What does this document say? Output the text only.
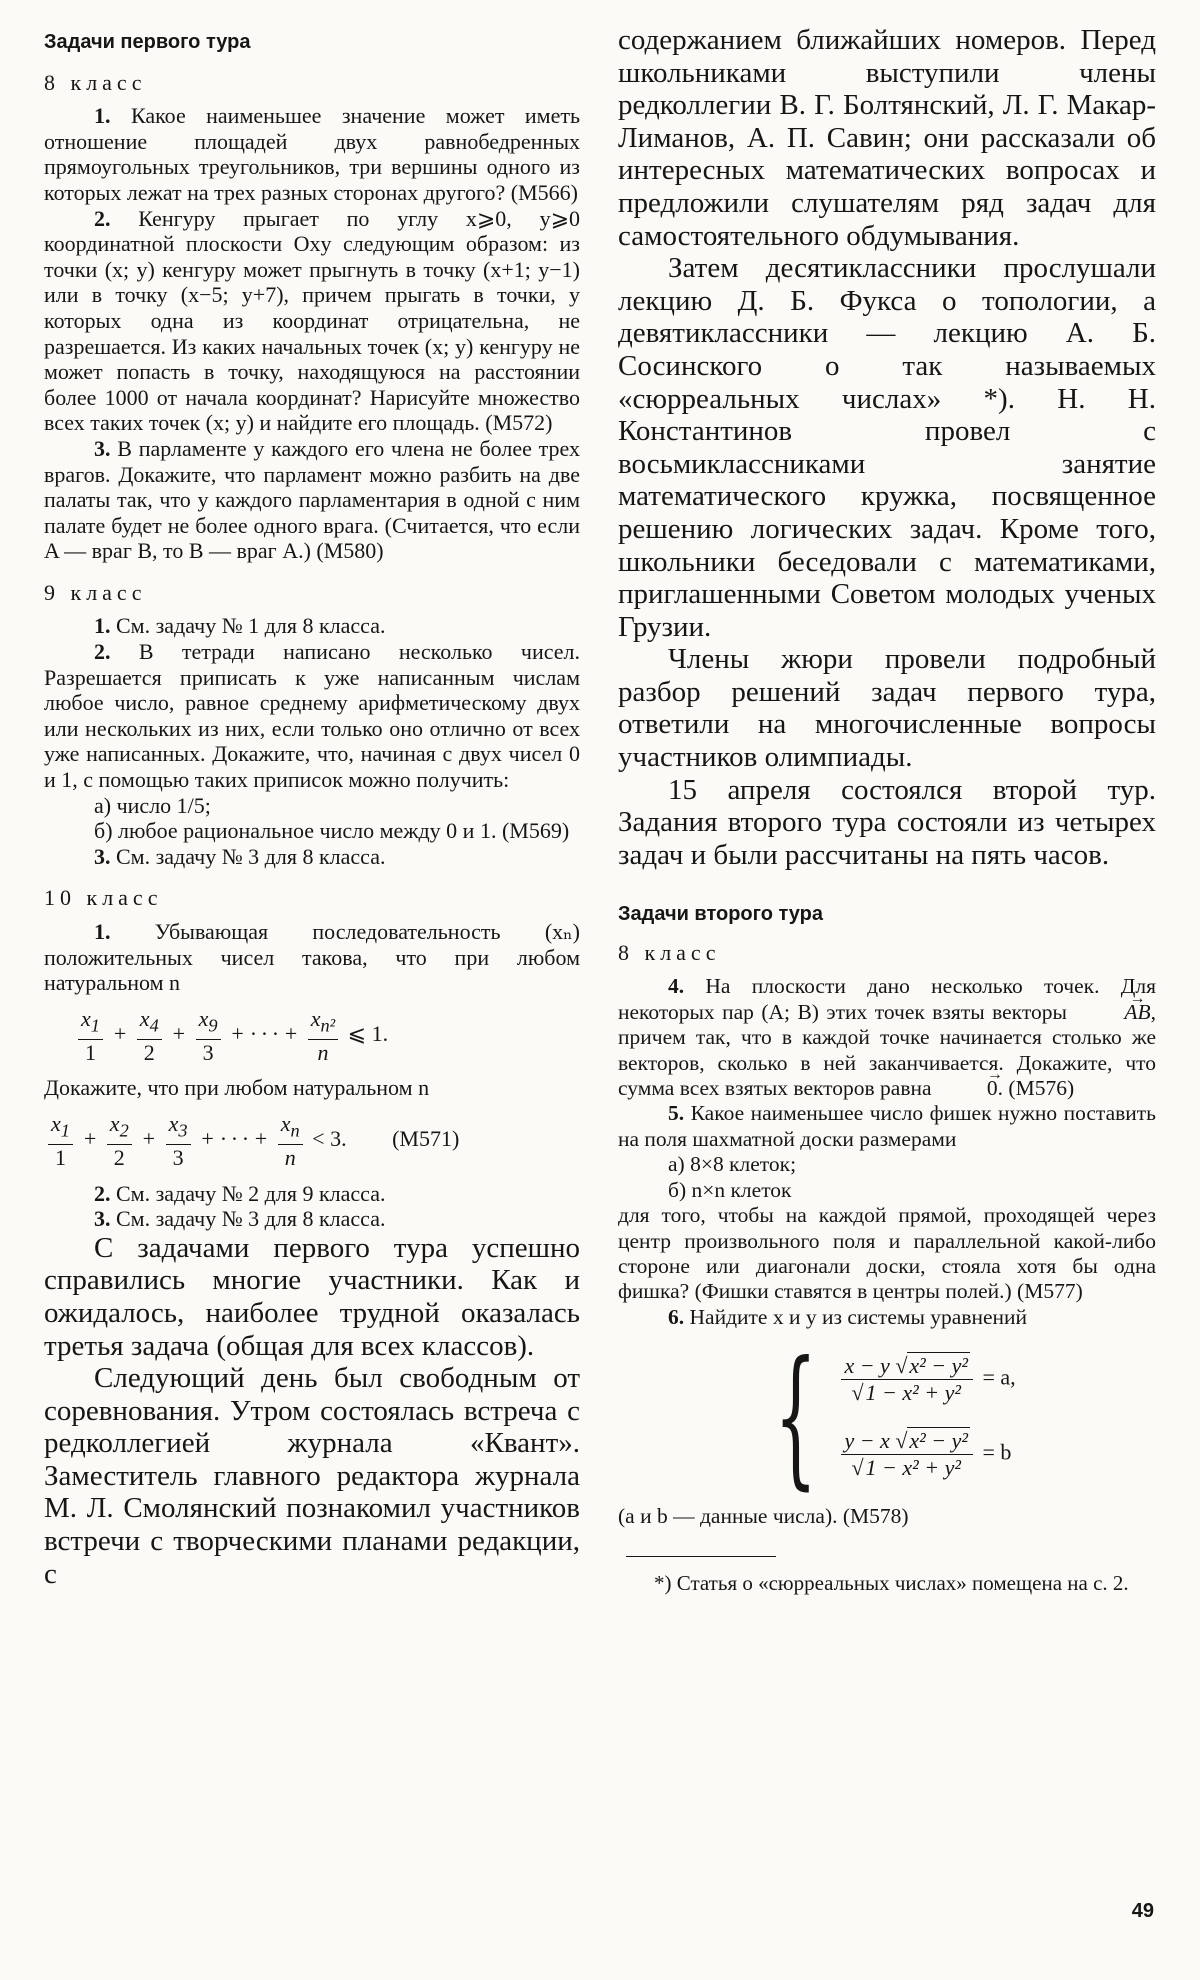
Задачи первого тура
8 класс

1. Какое наименьшее значение может иметь отношение площадей двух равнобедренных прямоугольных треугольников, три вершины одного из которых лежат на трех разных сторонах другого? (М566)

2. Кенгуру прыгает по углу x⩾0, y⩾0 координатной плоскости Oxy следующим образом: из точки (x; y) кенгуру может прыгнуть в точку (x+1; y−1) или в точку (x−5; y+7), причем прыгать в точки, у которых одна из координат отрицательна, не разрешается. Из каких начальных точек (x; y) кенгуру не может попасть в точку, находящуюся на расстоянии более 1000 от начала координат? Нарисуйте множество всех таких точек (x; y) и найдите его площадь. (М572)

3. В парламенте у каждого его члена не более трех врагов. Докажите, что парламент можно разбить на две палаты так, что у каждого парламентария в одной с ним палате будет не более одного врага. (Считается, что если A — враг B, то B — враг A.) (М580)

9 класс

1. См. задачу № 1 для 8 класса.

2. В тетради написано несколько чисел. Разрешается приписать к уже написанным числам любое число, равное среднему арифметическому двух или нескольких из них, если только оно отлично от всех уже написанных. Докажите, что, начиная с двух чисел 0 и 1, с помощью таких приписок можно получить:

а) число 1/5;

б) любое рациональное число между 0 и 1. (М569)

3. См. задачу № 3 для 8 класса.

10 класс

1. Убывающая последовательность (xₙ) положительных чисел такова, что при любом натуральном n

$\frac{x_1}{1} + \frac{x_4}{2} + \frac{x_9}{3}$ + · · · + $\frac{x_{n^2}}{n}$ ⩽ 1.

Докажите, что при любом натуральном n

$\frac{x_1}{1} + \frac{x_2}{2} + \frac{x_3}{3}$ + · · · + $\frac{x_n}{n} < 3$. (М571)

2. См. задачу № 2 для 9 класса.

3. См. задачу № 3 для 8 класса.

С задачами первого тура успешно справились многие участники. Как и ожидалось, наиболее трудной оказалась третья задача (общая для всех классов).

Следующий день был свободным от соревнования. Утром состоялась встреча с редколлегией журнала «Квант». Заместитель главного редактора журнала М. Л. Смолянский познакомил участников встречи с творческими планами редакции, с

содержанием ближайших номеров. Перед школьниками выступили члены редколлегии В. Г. Болтянский, Л. Г. Макар-Лиманов, А. П. Савин; они рассказали об интересных математических вопросах и предложили слушателям ряд задач для самостоятельного обдумывания.

Затем десятиклассники прослушали лекцию Д. Б. Фукса о топологии, а девятиклассники — лекцию А. Б. Сосинского о так называемых «сюрреальных числах» *). Н. Н. Константинов провел с восьмиклассниками занятие математического кружка, посвященное решению логических задач. Кроме того, школьники беседовали с математиками, приглашенными Советом молодых ученых Грузии.

Члены жюри провели подробный разбор решений задач первого тура, ответили на многочисленные вопросы участников олимпиады.

15 апреля состоялся второй тур. Задания второго тура состояли из четырех задач и были рассчитаны на пять часов.

Задачи второго тура
8 класс

4. На плоскости дано несколько точек. Для некоторых пар (A; B) этих точек взяты векторы	→ AB, причем так, что в каждой точке начинается столько же векторов, сколько в ней заканчивается. Докажите, что сумма всех взятых векторов равна	→ 0. (М576)

5. Какое наименьшее число фишек нужно поставить на поля шахматной доски размерами

а) 8×8 клеток;

б) n×n клеток

для того, чтобы на каждой прямой, проходящей через центр произвольного поля и параллельной какой-либо стороне или диагонали доски, стояла хотя бы одна фишка? (Фишки ставятся в центры полей.) (М577)

6. Найдите x и y из системы уравнений

{ $\frac{\text{x − y √x² − y²}}{\text{√1 − x² + y²}} = a$,
$\frac{\text{y − x √x² − y²}}{\text{√1 − x² + y²}} = b$

(a и b — данные числа). (М578)

*) Статья о «сюрреальных числах» помещена на с. 2.

49
